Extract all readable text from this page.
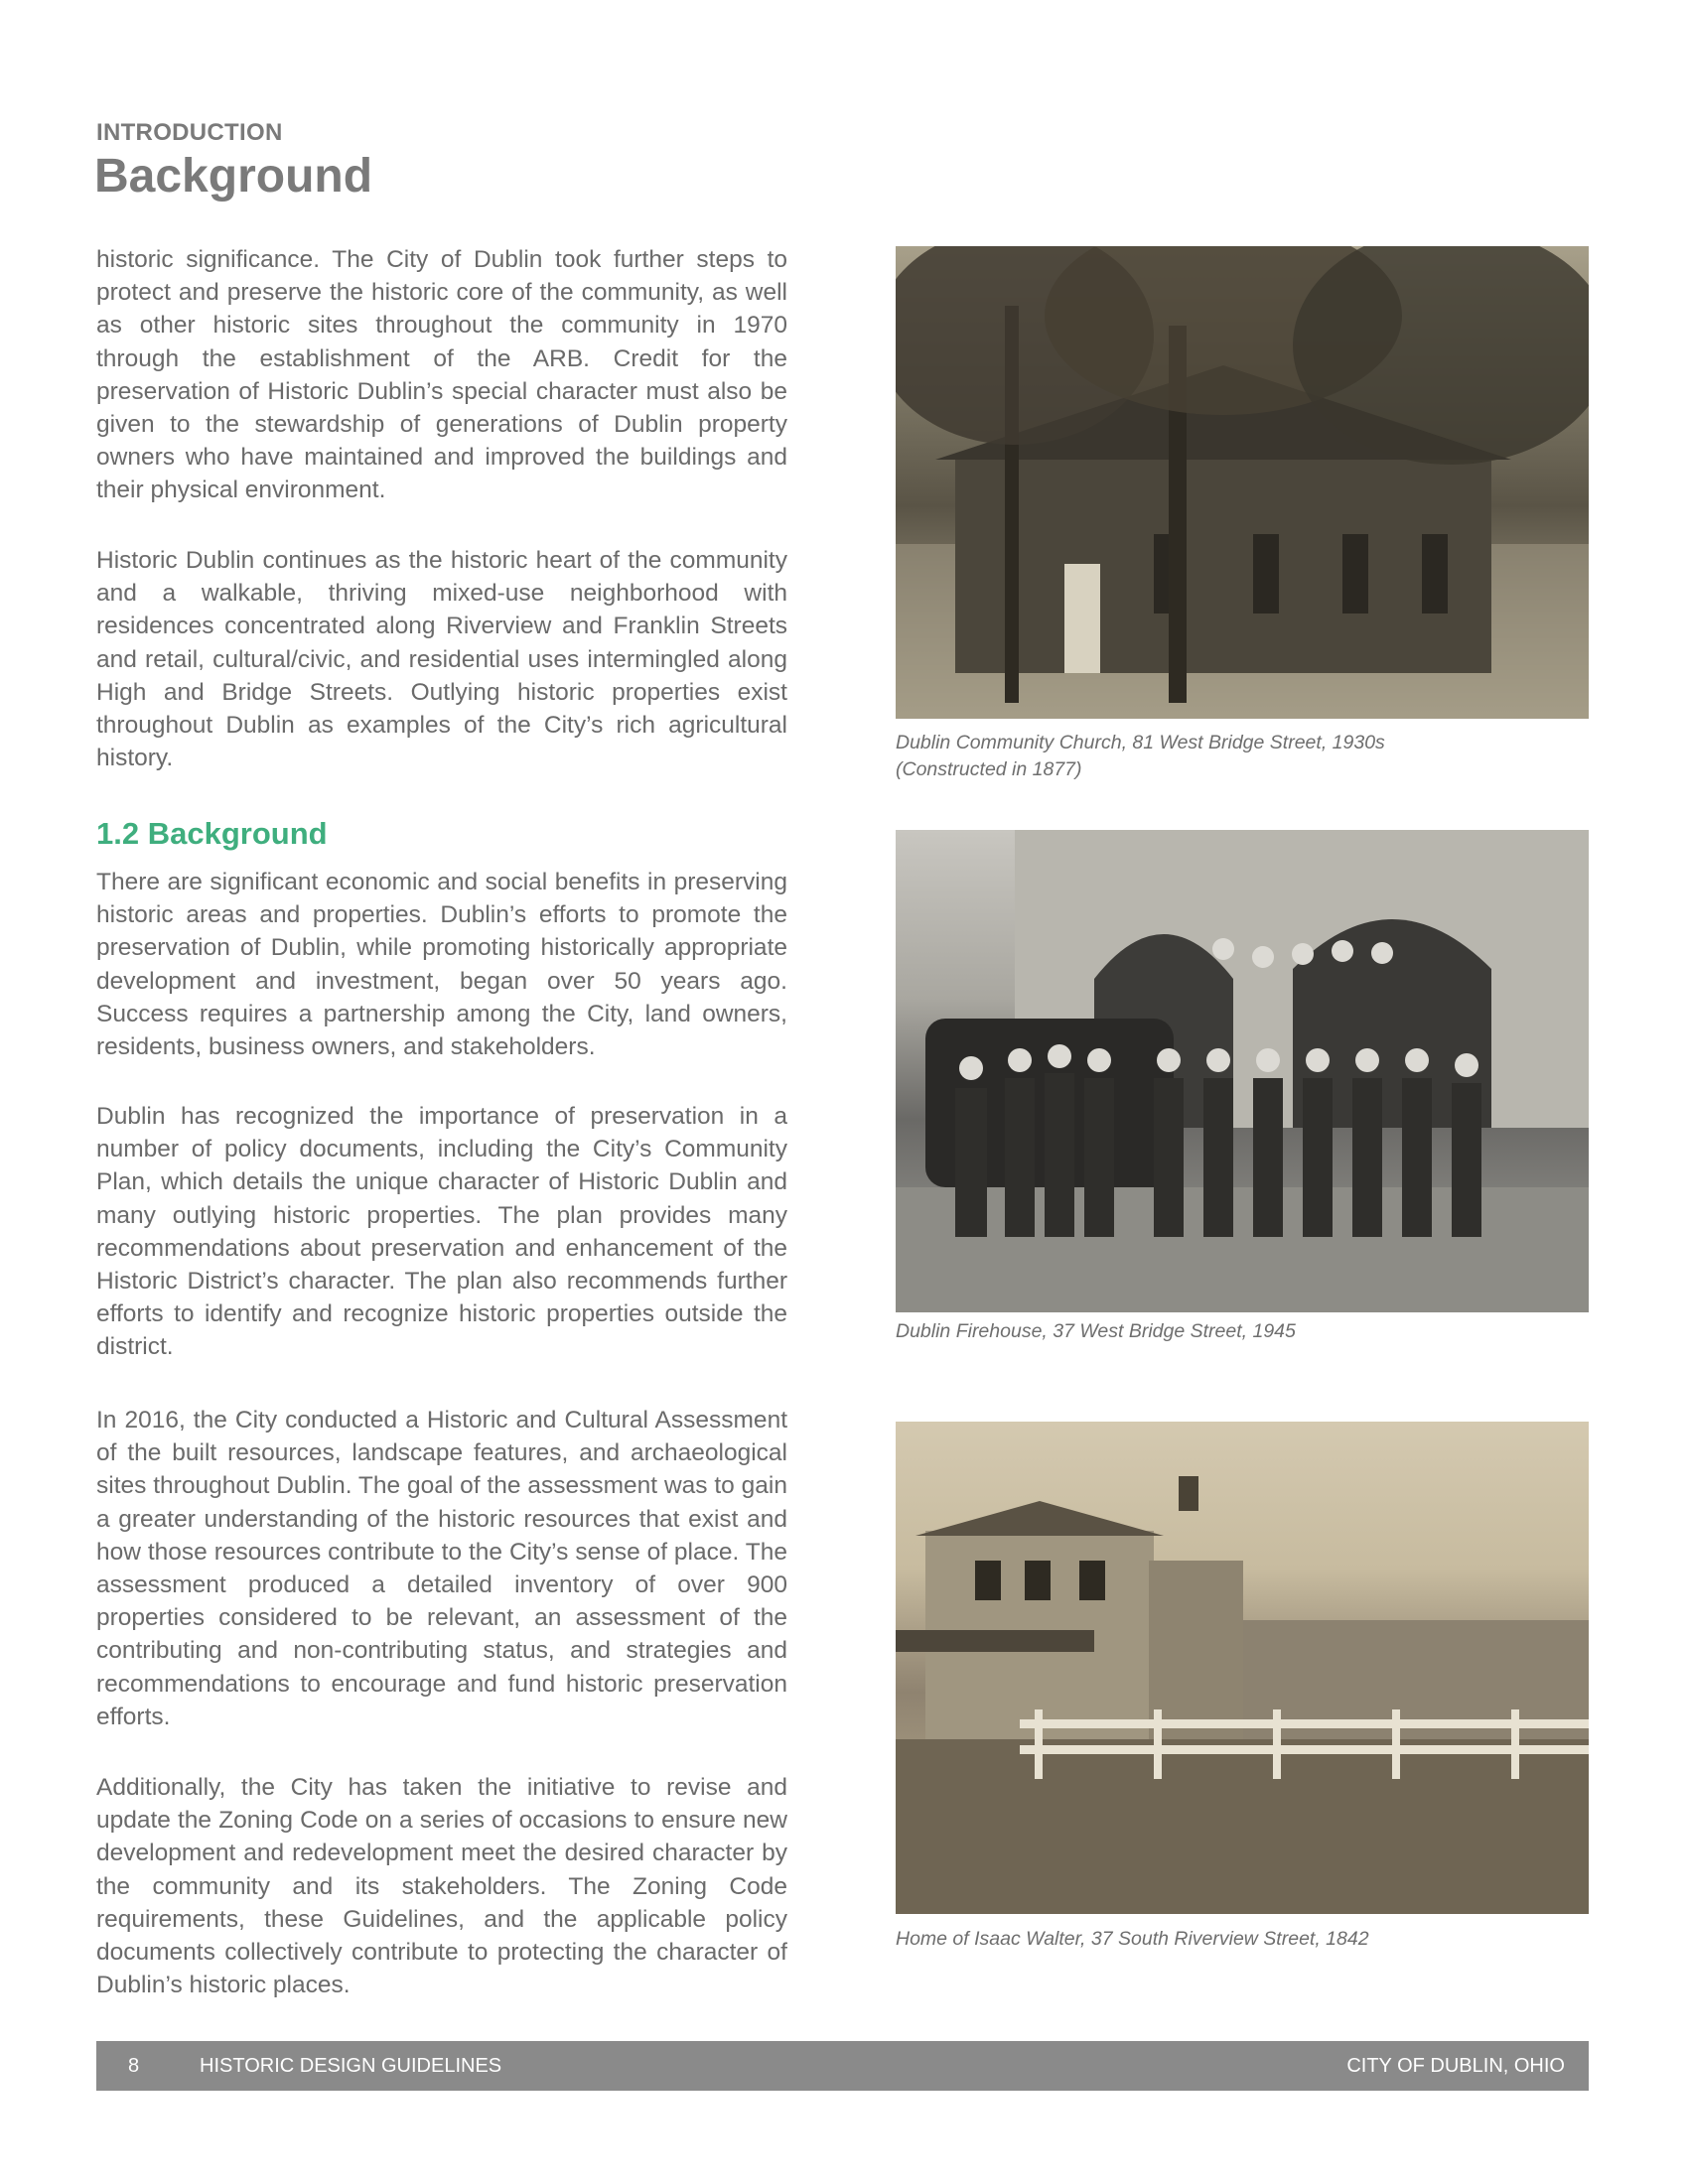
INTRODUCTION
Background

historic significance. The City of Dublin took further steps to protect and preserve the historic core of the community, as well as other historic sites throughout the community in 1970 through the establishment of the ARB. Credit for the preservation of Historic Dublin’s special character must also be given to the stewardship of generations of Dublin property owners who have maintained and improved the buildings and their physical environment.

Historic Dublin continues as the historic heart of the community and a walkable, thriving mixed-use neighborhood with residences concentrated along Riverview and Franklin Streets and retail, cultural/civic, and residential uses intermingled along High and Bridge Streets. Outlying historic properties exist throughout Dublin as examples of the City’s rich agricultural history.

1.2 Background

There are significant economic and social benefits in preserving historic areas and properties. Dublin’s efforts to promote the preservation of Dublin, while promoting historically appropriate development and investment, began over 50 years ago. Success requires a partnership among the City, land owners, residents, business owners, and stakeholders.

Dublin has recognized the importance of preservation in a number of policy documents, including the City’s Community Plan, which details the unique character of Historic Dublin and many outlying historic properties. The plan provides many recommendations about preservation and enhancement of the Historic District’s character. The plan also recommends further efforts to identify and recognize historic properties outside the district.

In 2016, the City conducted a Historic and Cultural Assessment of the built resources, landscape features, and archaeological sites throughout Dublin. The goal of the assessment was to gain a greater understanding of the historic resources that exist and how those resources contribute to the City’s sense of place. The assessment produced a detailed inventory of over 900 properties considered to be relevant, an assessment of the contributing and non-contributing status, and strategies and recommendations to encourage and fund historic preservation efforts.

Additionally, the City has taken the initiative to revise and update the Zoning Code on a series of occasions to ensure new development and redevelopment meet the desired character by the community and its stakeholders. The Zoning Code requirements, these Guidelines, and the applicable policy documents collectively contribute to protecting the character of Dublin’s historic places.

Dublin Community Church, 81 West Bridge Street, 1930s
(Constructed in 1877)
Dublin Firehouse, 37 West Bridge Street, 1945
Home of Isaac Walter, 37 South Riverview Street, 1842
8	HISTORIC DESIGN GUIDELINES	CITY OF DUBLIN, OHIO
